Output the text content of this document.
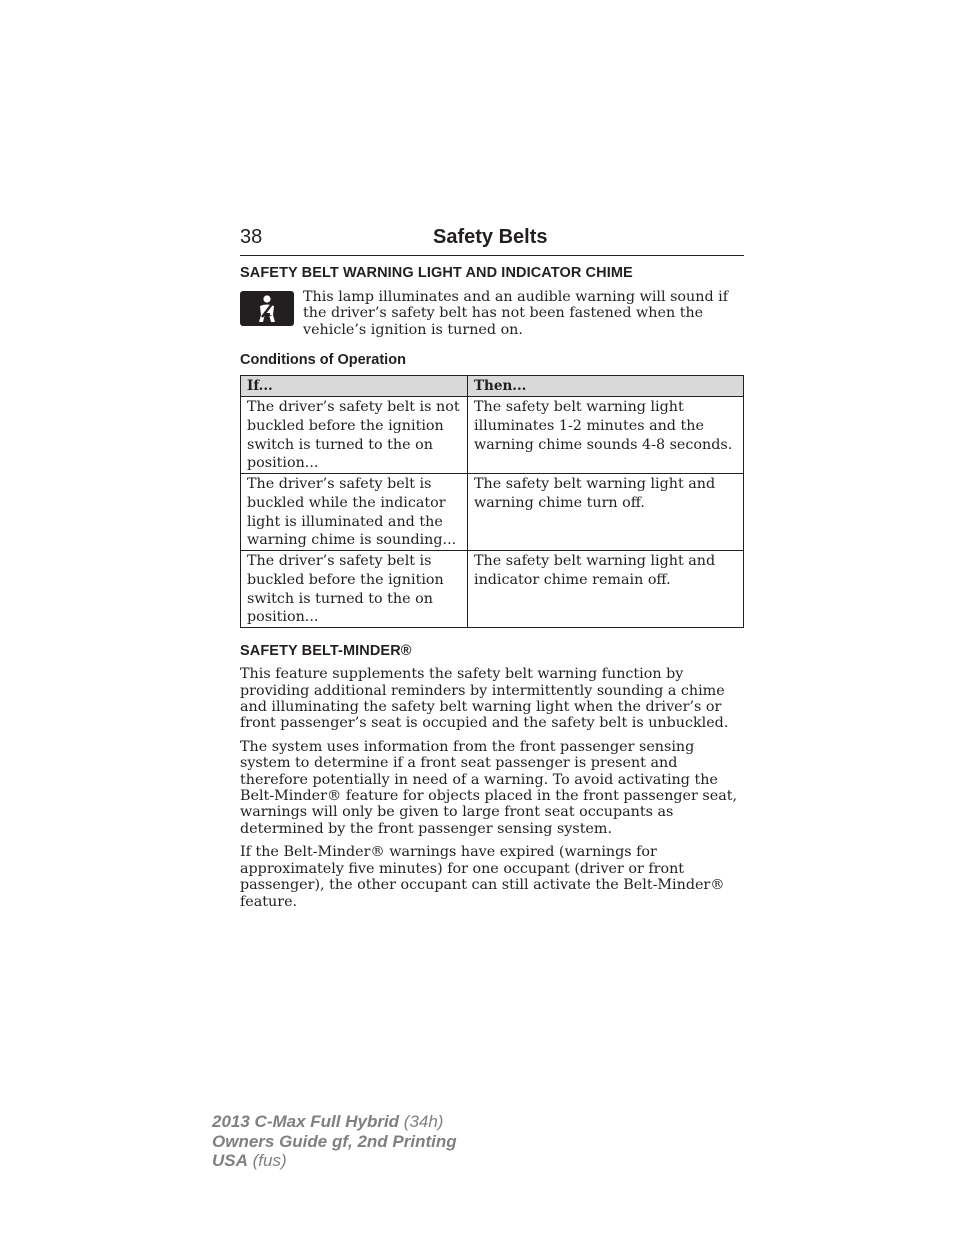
38	Safety Belts
SAFETY BELT WARNING LIGHT AND INDICATOR CHIME
This lamp illuminates and an audible warning will sound if the driver’s safety belt has not been fastened when the vehicle’s ignition is turned on.
Conditions of Operation
If...	Then...
The driver’s safety belt is not buckled before the ignition switch is turned to the on position...	The safety belt warning light illuminates 1-2 minutes and the warning chime sounds 4-8 seconds.
The driver’s safety belt is buckled while the indicator light is illuminated and the warning chime is sounding...	The safety belt warning light and warning chime turn off.
The driver’s safety belt is buckled before the ignition switch is turned to the on position...	The safety belt warning light and indicator chime remain off.
SAFETY BELT-MINDER®

This feature supplements the safety belt warning function by providing additional reminders by intermittently sounding a chime and illuminating the safety belt warning light when the driver’s or front passenger’s seat is occupied and the safety belt is unbuckled.

The system uses information from the front passenger sensing system to determine if a front seat passenger is present and therefore potentially in need of a warning. To avoid activating the Belt-Minder® feature for objects placed in the front passenger seat, warnings will only be given to large front seat occupants as determined by the front passenger sensing system.

If the Belt-Minder® warnings have expired (warnings for approximately five minutes) for one occupant (driver or front passenger), the other occupant can still activate the Belt-Minder® feature.

2013 C-Max Full Hybrid (34h)
Owners Guide gf, 2nd Printing
USA (fus)
